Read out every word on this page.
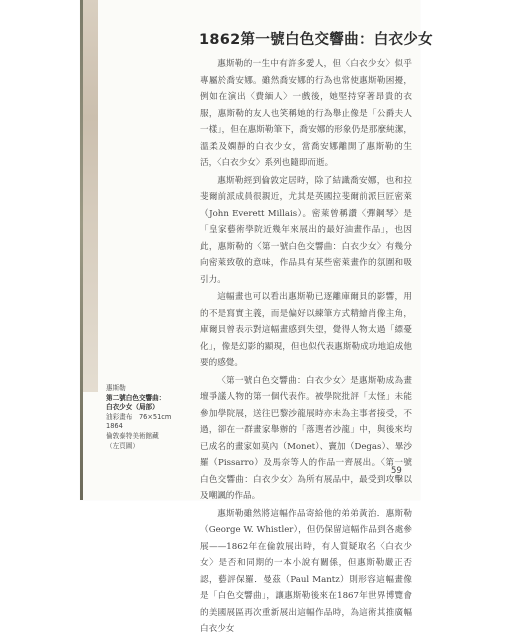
1862第一號白色交響曲：白衣少女

惠斯勒的一生中有許多愛人，但〈白衣少女〉似乎專屬於喬安娜。雖然喬安娜的行為也常使惠斯勒困擾，例如在演出〈費緬人〉一戲後，她堅持穿著昂貴的衣服，惠斯勒的友人也笑稱她的行為舉止像是「公爵夫人一樣」，但在惠斯勒筆下，喬安娜的形象仍是那麼純潔，溫柔及嫻靜的白衣少女，當喬安娜離開了惠斯勒的生活，〈白衣少女〉系列也隨即而逝。

惠斯勒經到倫敦定居時，除了結識喬安娜，也和拉斐爾前派成員很親近，尤其是英國拉斐爾前派巨匠密萊（John Everett Millais）。密萊曾稱讚〈彈鋼琴〉是「皇家藝術學院近幾年來展出的最好油畫作品」，也因此，惠斯勒的〈第一號白色交響曲：白衣少女〉有幾分向密萊致敬的意味，作品具有某些密萊畫作的氛圍和吸引力。

這幅畫也可以看出惠斯勒已逐離庫爾貝的影響，用的不是寫實主義，而是偏好以練筆方式精繪肖像主角，庫爾貝曾表示對這幅畫感到失望，覺得人物太過「縹憂化」，像是幻影的顯現，但也似代表惠斯勒成功地追成他要的感覺。

〈第一號白色交響曲：白衣少女〉是惠斯勒成為畫壇爭議人物的第一個代表作。被學院批評「太怪」未能參加學院展，送往巴黎沙龍展時亦未為主事者接受，不過，卻在一群畫家舉辦的「落選者沙龍」中，與後來均已成名的畫家如莫內（Monet）、竇加（Degas）、畢沙羅（Pissarro）及馬奈等人的作品一齊展出。〈第一號白色交響曲：白衣少女〉為所有展品中，最受到攻擊以及嘲諷的作品。

惠斯勒雖然將這幅作品寄給他的弟弟黃治．惠斯勒（George W. Whistler），但仍保留這幅作品到各處參展——1862年在倫敦展出時，有人質疑取名〈白衣少女〉是否和同期的一本小說有關係，但惠斯勒嚴正否認，藝評保羅．曼茲（Paul Mantz）則形容這幅畫像是「白色交響曲」，讓惠斯勒後來在1867年世界博覽會的美國展區再次重新展出這幅作品時，為這術其推廣幅白衣少女

惠斯勒
第二號白色交響曲：
白衣少女（局部）
油彩畫布　76×51cm
1864
倫敦泰特美術館藏
（左頁圖）
59
